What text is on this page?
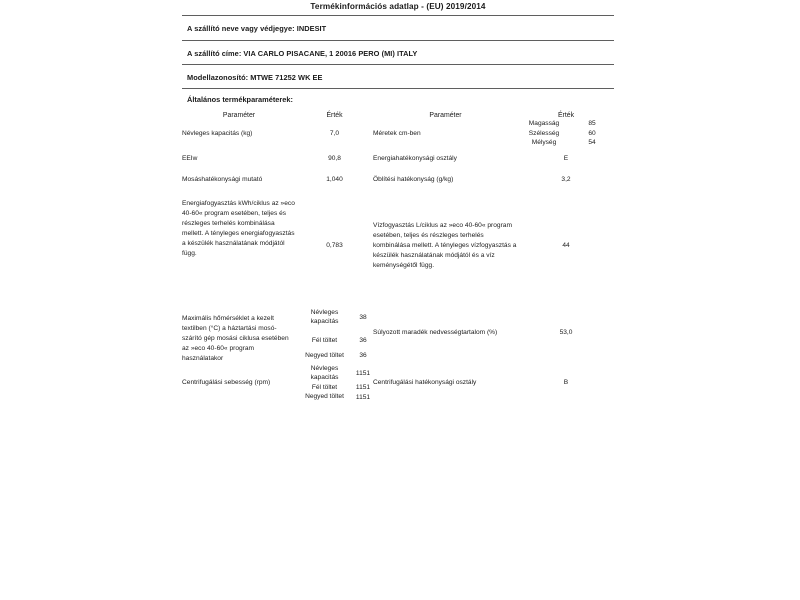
Termékinformációs adatlap - (EU) 2019/2014
A szállító neve vagy védjegye: INDESIT
A szállító címe: VIA CARLO PISACANE, 1 20016 PERO (MI) ITALY
Modellazonosító: MTWE 71252 WK EE
Általános termékparaméterek:
Paraméter	Érték		Paraméter	Érték	
Névleges kapacitás (kg)	7,0		Méretek cm-ben	Magasság	85
				Szélesség	60
				Mélység	54
EEIw	90,8		Energiahatékonysági osztály	E	
Mosáshatékonysági mutató	1,040		Öblítési hatékonyság (g/kg)	3,2	
Energiafogyasztás kWh/ciklus az »eco 40-60« program esetében, teljes és részleges terhelés kombinálása mellett. A tényleges energiafogyasztás a készülék használatának módjától függ.	0,783		Vízfogyasztás L/ciklus az »eco 40-60« program esetében, teljes és részleges terhelés kombinálása mellett. A tényleges vízfogyasztás a készülék használatának módjától és a víz keménységétől függ.	44	
Maximális hőmérséklet a kezelt textilben (°C) a háztartási mosó-szárító gép mosási ciklusa esetében az »eco 40-60« program használatakor	Névleges kapacitás	38	Súlyozott maradék nedvességtartalom (%)	53,0	
	Fél töltet	36			
	Negyed töltet	36			
Centrifugálási sebesség (rpm)	Névleges kapacitás	1151	Centrifugálási hatékonysági osztály	B	
	Fél töltet	1151			
	Negyed töltet	1151			
